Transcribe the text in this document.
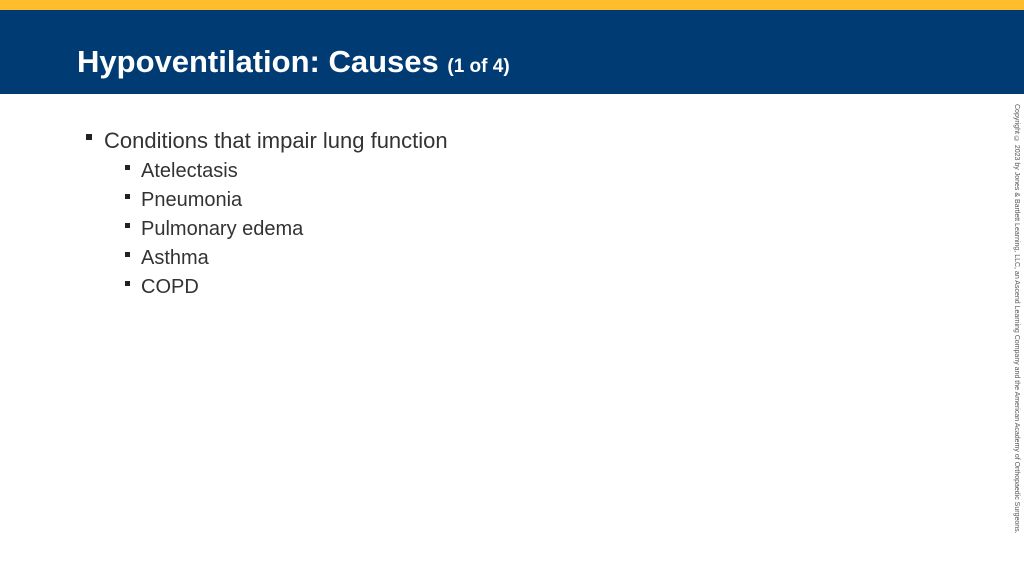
Hypoventilation: Causes (1 of 4)
Conditions that impair lung function
Atelectasis
Pneumonia
Pulmonary edema
Asthma
COPD	Copyright © 2023 by Jones & Bartlett Learning, LLC, an Ascend Learning Company and the American Academy of Orthopaedic Surgeons.
